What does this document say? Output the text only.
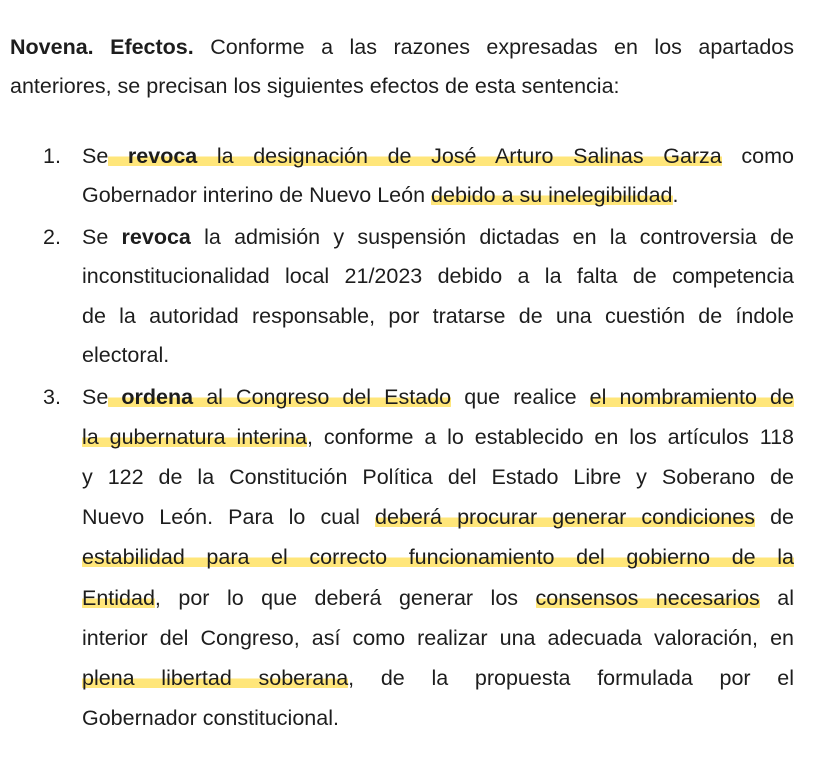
Novena. Efectos. Conforme a las razones expresadas en los apartados
anteriores, se precisan los siguientes efectos de esta sentencia:
1. Se revoca la designación de José Arturo Salinas Garza como
Gobernador interino de Nuevo León debido a su inelegibilidad.
2. Se revoca la admisión y suspensión dictadas en la controversia de
inconstitucionalidad local 21/2023 debido a la falta de competencia
de la autoridad responsable, por tratarse de una cuestión de índole
electoral.
3. Se ordena al Congreso del Estado que realice el nombramiento de
la gubernatura interina, conforme a lo establecido en los artículos 118
y 122 de la Constitución Política del Estado Libre y Soberano de
Nuevo León. Para lo cual deberá procurar generar condiciones de
estabilidad para el correcto funcionamiento del gobierno de la
Entidad, por lo que deberá generar los consensos necesarios al
interior del Congreso, así como realizar una adecuada valoración, en
plena libertad soberana, de la propuesta formulada por el
Gobernador constitucional.
